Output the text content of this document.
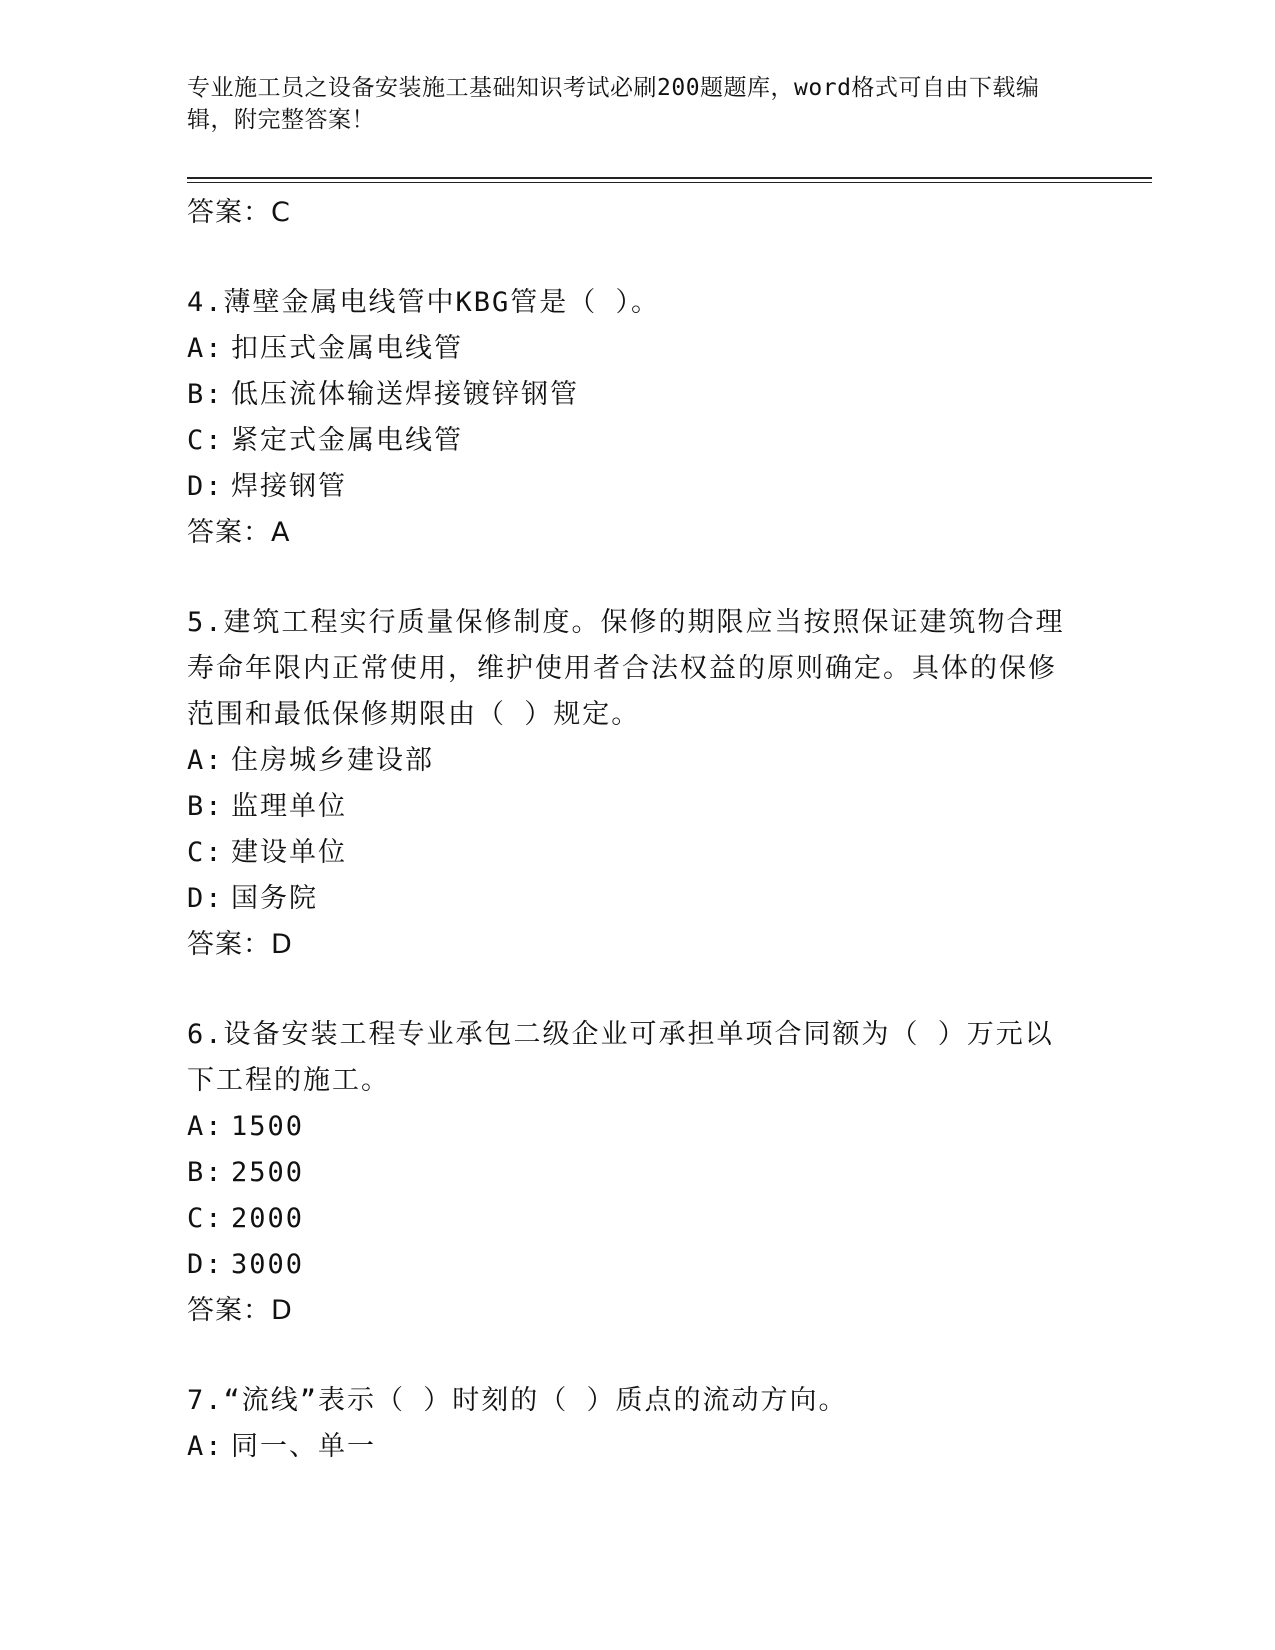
专业施工员之设备安装施工基础知识考试必刷200题题库，word格式可自由下载编辑，附完整答案！
答案：C
4.薄壁金属电线管中KBG管是（ ）。
A: 扣压式金属电线管
B: 低压流体输送焊接镀锌钢管
C: 紧定式金属电线管
D: 焊接钢管
答案：A
5.建筑工程实行质量保修制度。保修的期限应当按照保证建筑物合理寿命年限内正常使用，维护使用者合法权益的原则确定。具体的保修范围和最低保修期限由（ ）规定。
A: 住房城乡建设部
B: 监理单位
C: 建设单位
D: 国务院
答案：D
6.设备安装工程专业承包二级企业可承担单项合同额为（ ）万元以下工程的施工。
A: 1500
B: 2500
C: 2000
D: 3000
答案：D
7.“流线”表示（ ）时刻的（ ）质点的流动方向。
A: 同一、单一
